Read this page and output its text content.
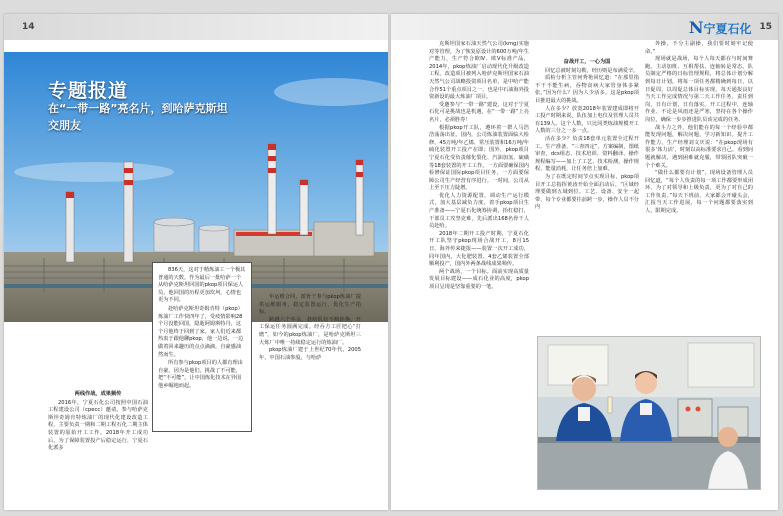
14
专题报道
在“一带一路”亮名片，到哈萨克斯坦
交朋友

836天，这对于精炼油工一个极其普通的天数。作为最后一批哈萨一个从哈萨克斯坦回国的pkop项目保运人员，他回国的历程更加坎坷，心情也更为不同。

赴哈萨克斯坦奇姆肯特（pkop）炼油厂工作快四年了，受疫情影响28个月没能回国，隐逝阿姆斯特丹，这个月他终于回到了家。家人们近来都热衷于跟他聊pkop，他一边说，一边做着回来趣历的点点滴滴，自豪感油然而生。

所有参与pkop项目的人都有理由自豪。因为是他们，挑战了不可能，把“不可能”，让中国炼化技术在异国他乡崛地而起。

两线作战，成果频传

2016年，宁夏石化公司按照中国石油工程建设公司（cpecc）邀请，参与哈萨克斯坦奇姆肯特炼油厂的现代化建设改造工程，主要负责一期和二期工程石化二期主体装置的原始开工工作。2018年开工成功后，为了保障装置投产后稳定运行，宁夏石化派多

年运维合同，派骨干参与pkop炼油厂提供运维服务，稳定装置运行，优化生产指标。

跨越六个年头，赴哈队伍不断轮换，开工保运任务圆满完成。经吞方工匠把心“打磨”，如今的pkop炼油厂，是哈萨克斯坦三大炼厂中唯一持续稳定运行的炼油厂。

pkop炼油厂建于上世纪70年代。2005年，中国石油参股，与哈萨

N宁夏石化 15

克斯坦国家石油天然气公司(kmg)实施对等管理。为了恢复原设计的600万吨/年生产能力，生产符合欧Ⅳ、欧Ⅴ标准产品，2014年，pkop炼油厂启动现代化升级改造工程。改造项目被列入哈萨克斯坦国家石油天然气公司战略投资项目名单，是中哈产能合作51个重点项目之一，也是中石油海外投资新设的最大炼油厂项目。

受邀参与“一带一路”建设，这对于宁夏石化可是挑战也是机遇，在“一带一路”上亮名片，必须胜券！

根据pkop开工队，遵环着一群人马浩浩荡荡出征。国内，公司炼油装置面临大检修，45万吨/年乙烯、常压装置和16万吨/年硫化装置开工投产在即；国外，pkop项目宁夏石化受负责催化裂化、汽油加氢、硫磺等18套装置的开工工作。一方面要确保国内检修保证国际pkop项目任务，一方面要保障公司生产经营有序进行。一时间，公司从上至下压力陡增。

优化人力资源配置，调动生产运行模式，加大基层减负力度，着手pkop项目生产准备——宁夏石化统筹协调，抬杠稳打，干部员工攻坚克难，先后派出168名骨干人员赴哈。

2018年二期开工投产时期，宁夏石化开工队坚守pkop现场合战开工，8月15日，海外传来捷报——装置一次开工成功，同年国内，大化肥装置、4套乙烯装置全部顺利投产，国内外两条战线成果频传。

两个战场，一个目标。面前实现高质量发展目标建设——成石化业的高度，pkop项目呈现是坚靠重要的一笔。

奋战开工，一心为国

回忆总被时刻勾勒，经历则是布满爱辛。

质检分析主管何秀艳回忆道：“在那里指不干不能生病，吞物食病大家管身体多紧张。”因为什么？因为人少活多。这是pkop项目推进最大的挑战。

人在多少？放宽2018年装置建成即将开工投产时期来说，队伍加上电仪及管理人员共有139人。这个人数，只比同类炼油规模开工人数的三分之一多一点。

活在多少？负责18套单元装置全过程开工。生产准备、“三查四定”、方案编制，图纸审查，dcs组态、技术培训、资料翻译、操作规程编写——加上了工艺、技术检测，操作规程、能量消耗，让任务倍上加难。

为了在既定时间节点实现目标，pkop项目开工总指挥黄涛开始全面启动后，“区域经理要做到五域到位。工艺、设备、安全一起带，每个专业都要往前跨一步，操作人员不分内

外操，不分主副操，我们要时刻牢记使命。”

现场就是战场，每个人每天都在与时间赛跑。主动加班、互相帮扶、连轴转是常态。队员制定严格的日标管理规程，将总体计划分解到每日计划，将每一项任务都精确到每日，以日促周，以周促总体目标实现。每天通报良好当天工作完成情况与第二天工作任务，责任到岗，日有计划，日有落实。开工过程中，连轴作业、不论是风雨还是严寒，坚持在各个操作岗位，确保一步步推进队员该完成的任务。

战斗力之外，他们能在的每一个经验中都能发现问题，解决问题，学习新知识。提升工作能力。生产经理刘文庆说：“在pkop现场有很多‘体力活’，时刻以高标准要求自己，看到问题就解决，遇到困难就克服，带领团队突破一个个难关。

“做什么都要有计划”，现场设备管理人员回忆道，“每个人负责的每一项工作都要形成闭环，为了对领导和上级负责，更为了对自己的工作负责。”每天下班前，大家都会开碰头会，汇报当天工作进展，每一个问题都要落实到人，限期完成。
